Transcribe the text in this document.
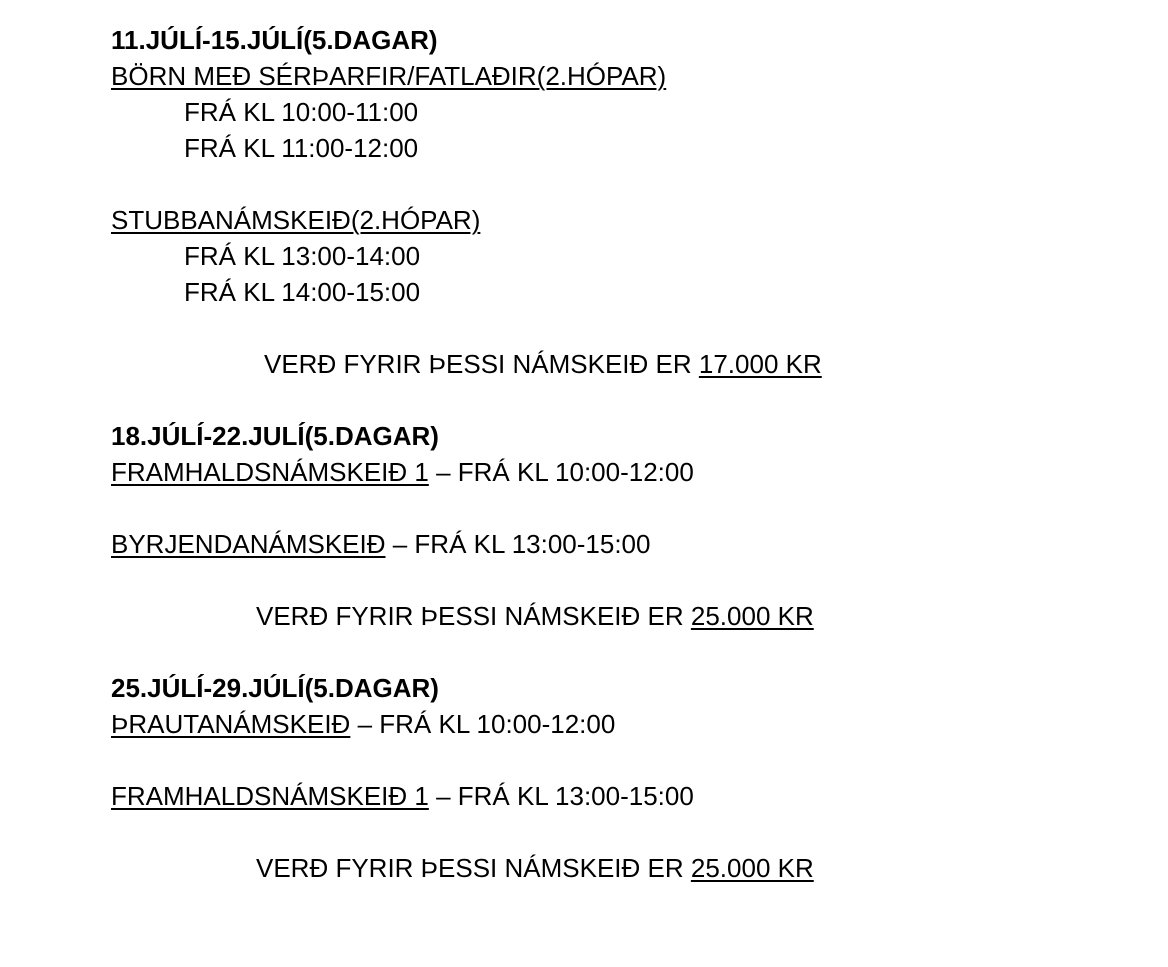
11.JÚLÍ-15.JÚLÍ(5.DAGAR)
BÖRN MEÐ SÉRÞARFIR/FATLAÐIR(2.HÓPAR)
FRÁ KL 10:00-11:00
FRÁ KL 11:00-12:00
STUBBANÁMSKEIÐ(2.HÓPAR)
FRÁ KL 13:00-14:00
FRÁ KL 14:00-15:00
VERÐ FYRIR ÞESSI NÁMSKEIÐ ER 17.000 KR
18.JÚLÍ-22.JULÍ(5.DAGAR)
FRAMHALDSNÁMSKEIÐ 1 – FRÁ KL 10:00-12:00
BYRJENDANÁMSKEIÐ – FRÁ KL 13:00-15:00
VERÐ FYRIR ÞESSI NÁMSKEIÐ ER 25.000 KR
25.JÚLÍ-29.JÚLÍ(5.DAGAR)
ÞRAUTANÁMSKEIÐ – FRÁ KL 10:00-12:00
FRAMHALDSNÁMSKEIÐ 1 – FRÁ KL 13:00-15:00
VERÐ FYRIR ÞESSI NÁMSKEIÐ ER 25.000 KR
